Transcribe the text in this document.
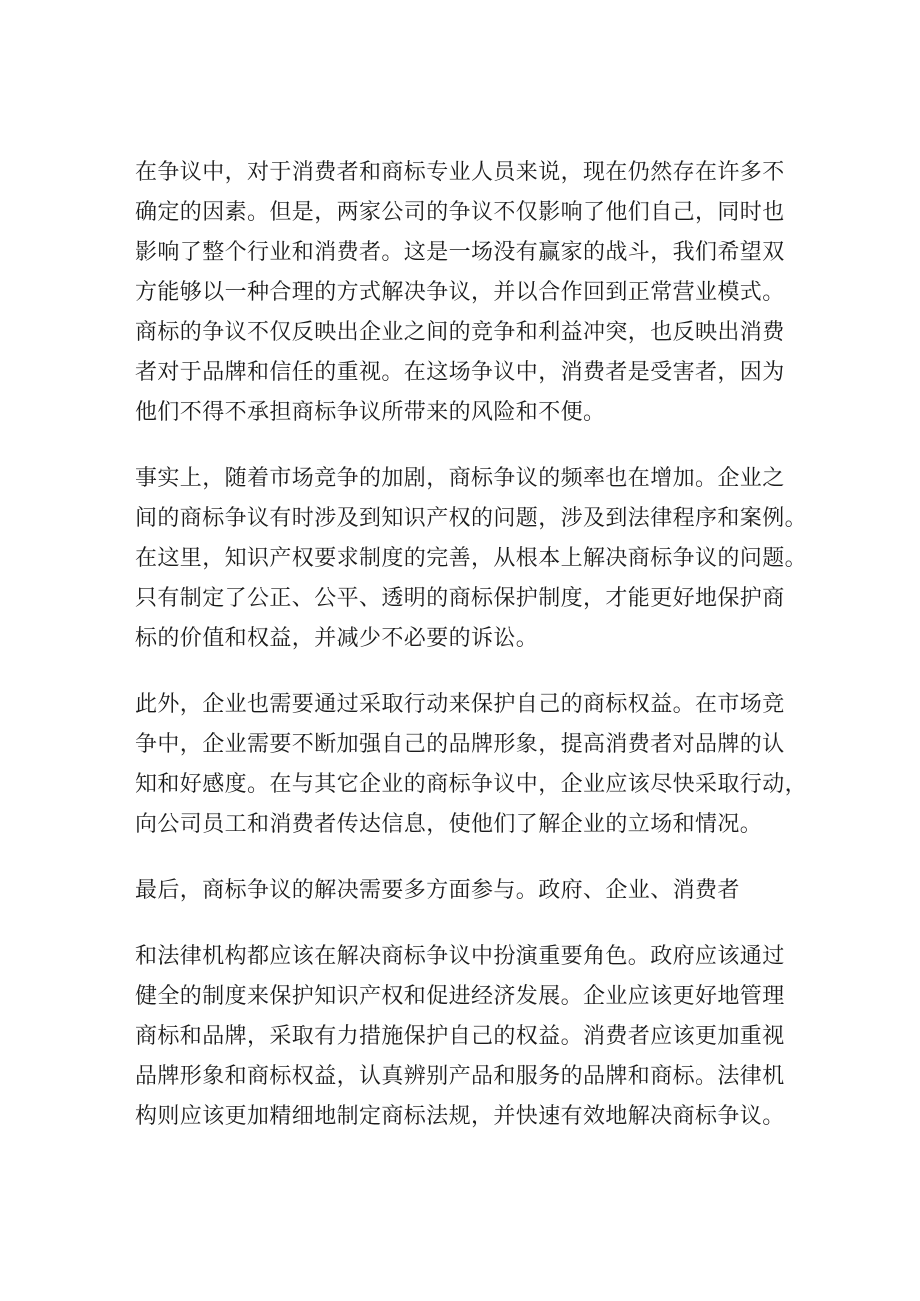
在争议中，对于消费者和商标专业人员来说，现在仍然存在许多不
确定的因素。但是，两家公司的争议不仅影响了他们自己，同时也
影响了整个行业和消费者。这是一场没有赢家的战斗，我们希望双
方能够以一种合理的方式解决争议，并以合作回到正常营业模式。
商标的争议不仅反映出企业之间的竞争和利益冲突，也反映出消费
者对于品牌和信任的重视。在这场争议中，消费者是受害者，因为
他们不得不承担商标争议所带来的风险和不便。
事实上，随着市场竞争的加剧，商标争议的频率也在增加。企业之
间的商标争议有时涉及到知识产权的问题，涉及到法律程序和案例。
在这里，知识产权要求制度的完善，从根本上解决商标争议的问题。
只有制定了公正、公平、透明的商标保护制度，才能更好地保护商
标的价值和权益，并减少不必要的诉讼。
此外，企业也需要通过采取行动来保护自己的商标权益。在市场竞
争中，企业需要不断加强自己的品牌形象，提高消费者对品牌的认
知和好感度。在与其它企业的商标争议中，企业应该尽快采取行动，
向公司员工和消费者传达信息，使他们了解企业的立场和情况。
最后，商标争议的解决需要多方面参与。政府、企业、消费者
和法律机构都应该在解决商标争议中扮演重要角色。政府应该通过
健全的制度来保护知识产权和促进经济发展。企业应该更好地管理
商标和品牌，采取有力措施保护自己的权益。消费者应该更加重视
品牌形象和商标权益，认真辨别产品和服务的品牌和商标。法律机
构则应该更加精细地制定商标法规，并快速有效地解决商标争议。
